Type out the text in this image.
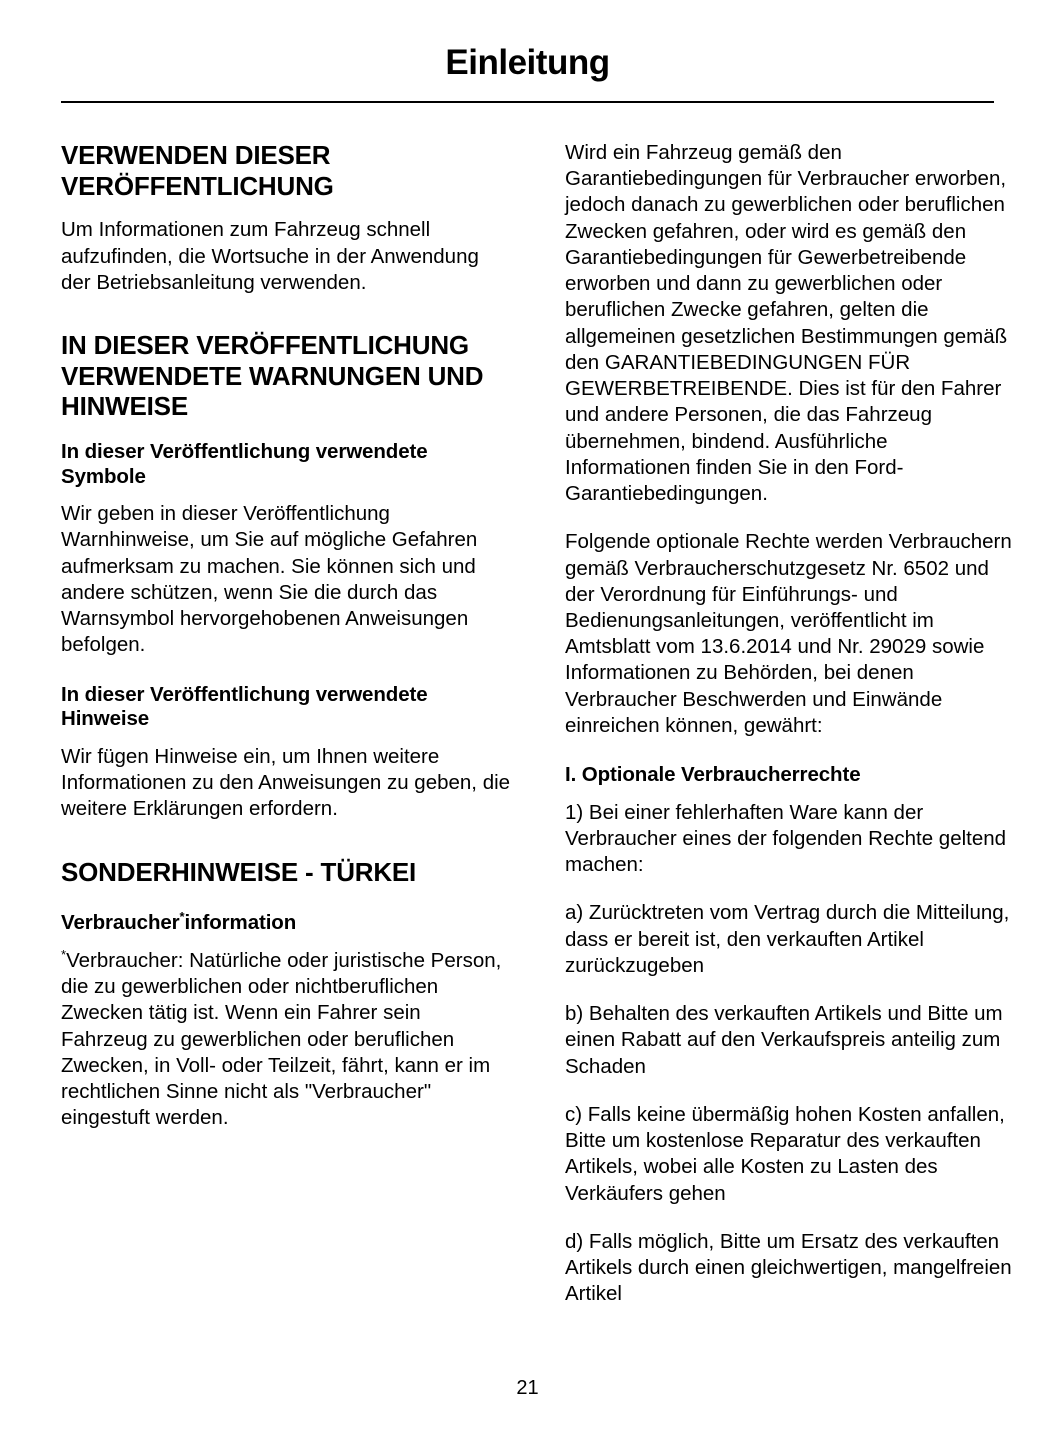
Einleitung
VERWENDEN DIESER VERÖFFENTLICHUNG

Um Informationen zum Fahrzeug schnell aufzufinden, die Wortsuche in der Anwendung der Betriebsanleitung verwenden.

IN DIESER VERÖFFENTLICHUNG VERWENDETE WARNUNGEN UND HINWEISE
In dieser Veröffentlichung verwendete Symbole

Wir geben in dieser Veröffentlichung Warnhinweise, um Sie auf mögliche Gefahren aufmerksam zu machen. Sie können sich und andere schützen, wenn Sie die durch das Warnsymbol hervorgehobenen Anweisungen befolgen.

In dieser Veröffentlichung verwendete Hinweise

Wir fügen Hinweise ein, um Ihnen weitere Informationen zu den Anweisungen zu geben, die weitere Erklärungen erfordern.

SONDERHINWEISE - TÜRKEI
Verbraucher*information

*Verbraucher: Natürliche oder juristische Person, die zu gewerblichen oder nichtberuflichen Zwecken tätig ist. Wenn ein Fahrer sein Fahrzeug zu gewerblichen oder beruflichen Zwecken, in Voll- oder Teilzeit, fährt, kann er im rechtlichen Sinne nicht als "Verbraucher" eingestuft werden.

Wird ein Fahrzeug gemäß den Garantiebedingungen für Verbraucher erworben, jedoch danach zu gewerblichen oder beruflichen Zwecken gefahren, oder wird es gemäß den Garantiebedingungen für Gewerbetreibende erworben und dann zu gewerblichen oder beruflichen Zwecke gefahren, gelten die allgemeinen gesetzlichen Bestimmungen gemäß den GARANTIEBEDINGUNGEN FÜR GEWERBETREIBENDE. Dies ist für den Fahrer und andere Personen, die das Fahrzeug übernehmen, bindend. Ausführliche Informationen finden Sie in den Ford-Garantiebedingungen.

Folgende optionale Rechte werden Verbrauchern gemäß Verbraucherschutzgesetz Nr. 6502 und der Verordnung für Einführungs- und Bedienungsanleitungen, veröffentlicht im Amtsblatt vom 13.6.2014 und Nr. 29029 sowie Informationen zu Behörden, bei denen Verbraucher Beschwerden und Einwände einreichen können, gewährt:

I. Optionale Verbraucherrechte

1) Bei einer fehlerhaften Ware kann der Verbraucher eines der folgenden Rechte geltend machen:

a) Zurücktreten vom Vertrag durch die Mitteilung, dass er bereit ist, den verkauften Artikel zurückzugeben

b) Behalten des verkauften Artikels und Bitte um einen Rabatt auf den Verkaufspreis anteilig zum Schaden

c) Falls keine übermäßig hohen Kosten anfallen, Bitte um kostenlose Reparatur des verkauften Artikels, wobei alle Kosten zu Lasten des Verkäufers gehen

d) Falls möglich, Bitte um Ersatz des verkauften Artikels durch einen gleichwertigen, mangelfreien Artikel

21
